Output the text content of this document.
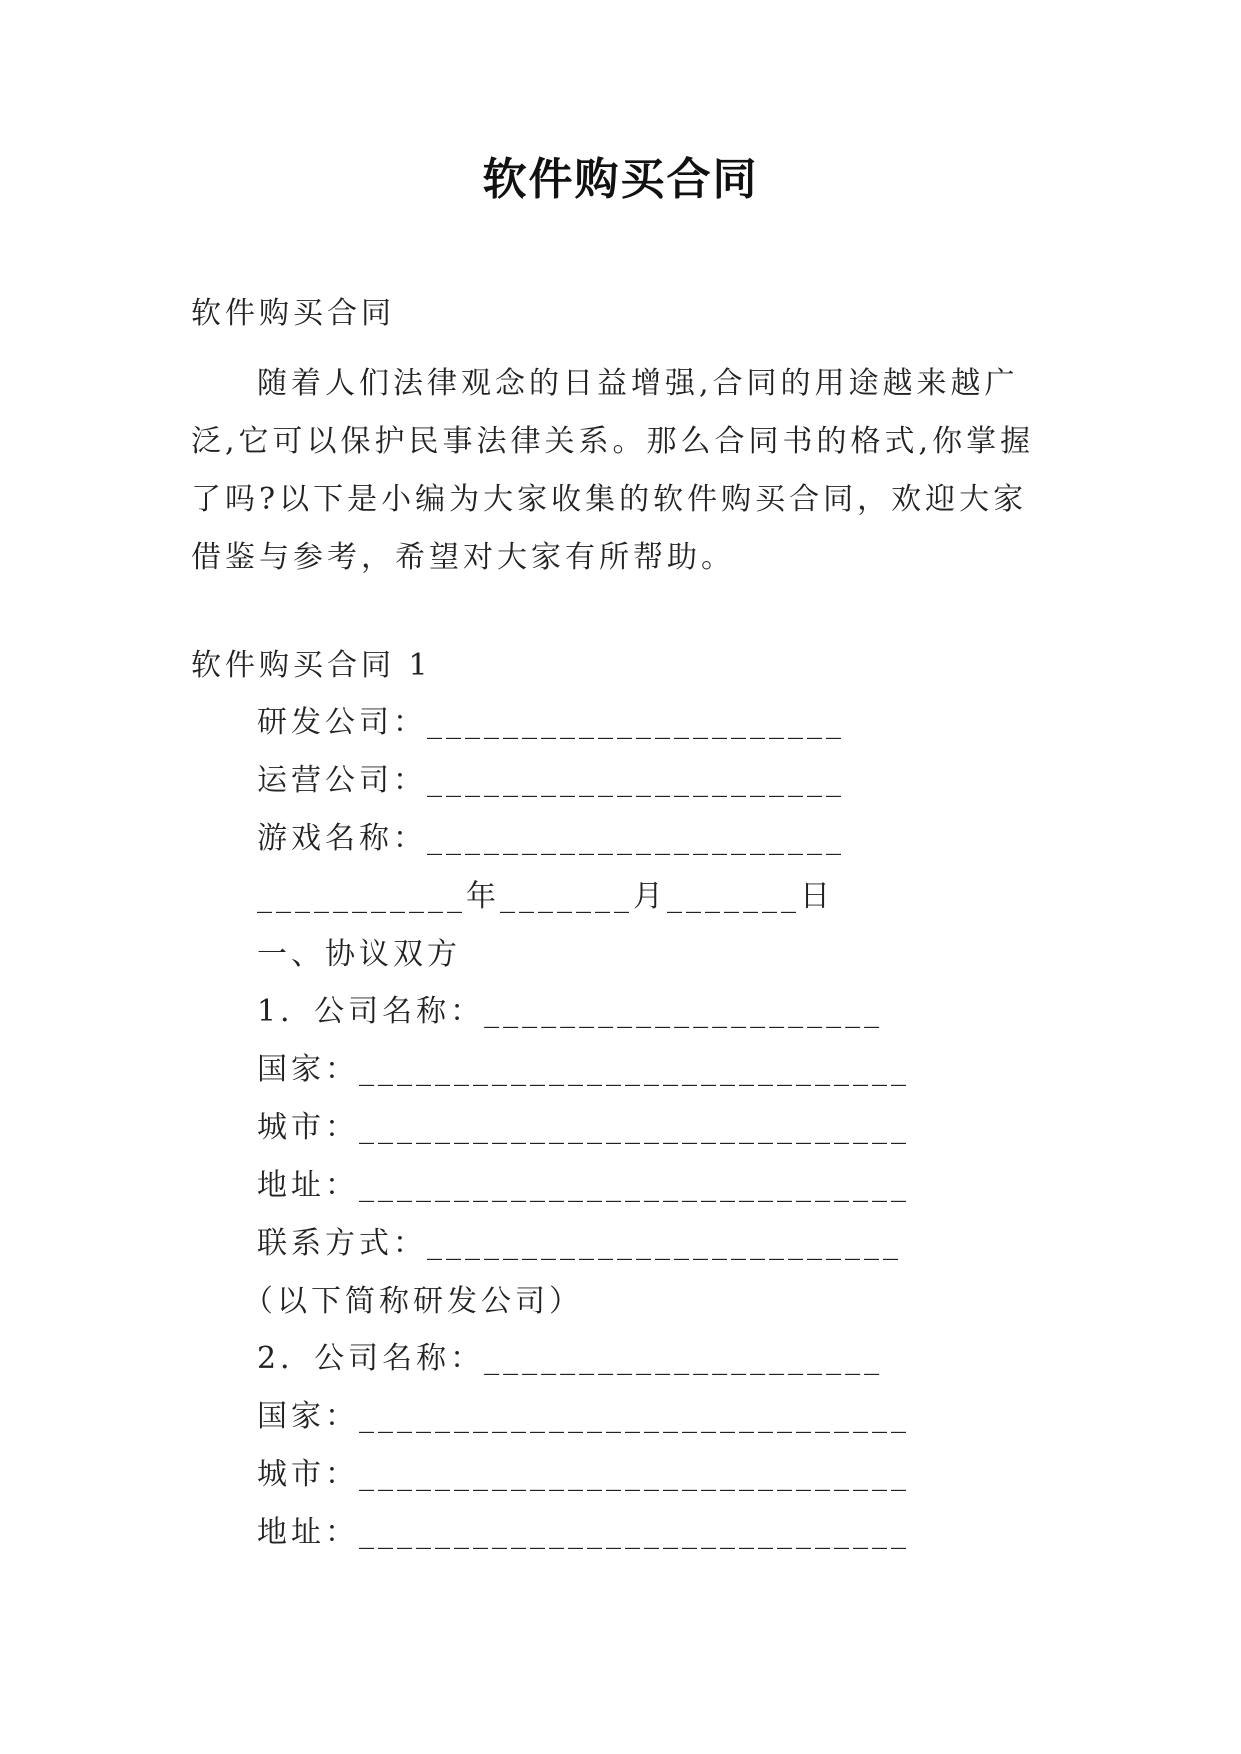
软件购买合同
软件购买合同
随着人们法律观念的日益增强,合同的用途越来越广泛,它可以保护民事法律关系。那么合同书的格式,你掌握了吗?以下是小编为大家收集的软件购买合同，欢迎大家借鉴与参考，希望对大家有所帮助。
软件购买合同 1
研发公司：______________________
运营公司：______________________
游戏名称：______________________
___________年_______月_______日
一、协议双方
1．公司名称：_____________________
国家：_____________________________
城市：_____________________________
地址：_____________________________
联系方式：_________________________
（以下简称研发公司）
2．公司名称：_____________________
国家：_____________________________
城市：_____________________________
地址：_____________________________
